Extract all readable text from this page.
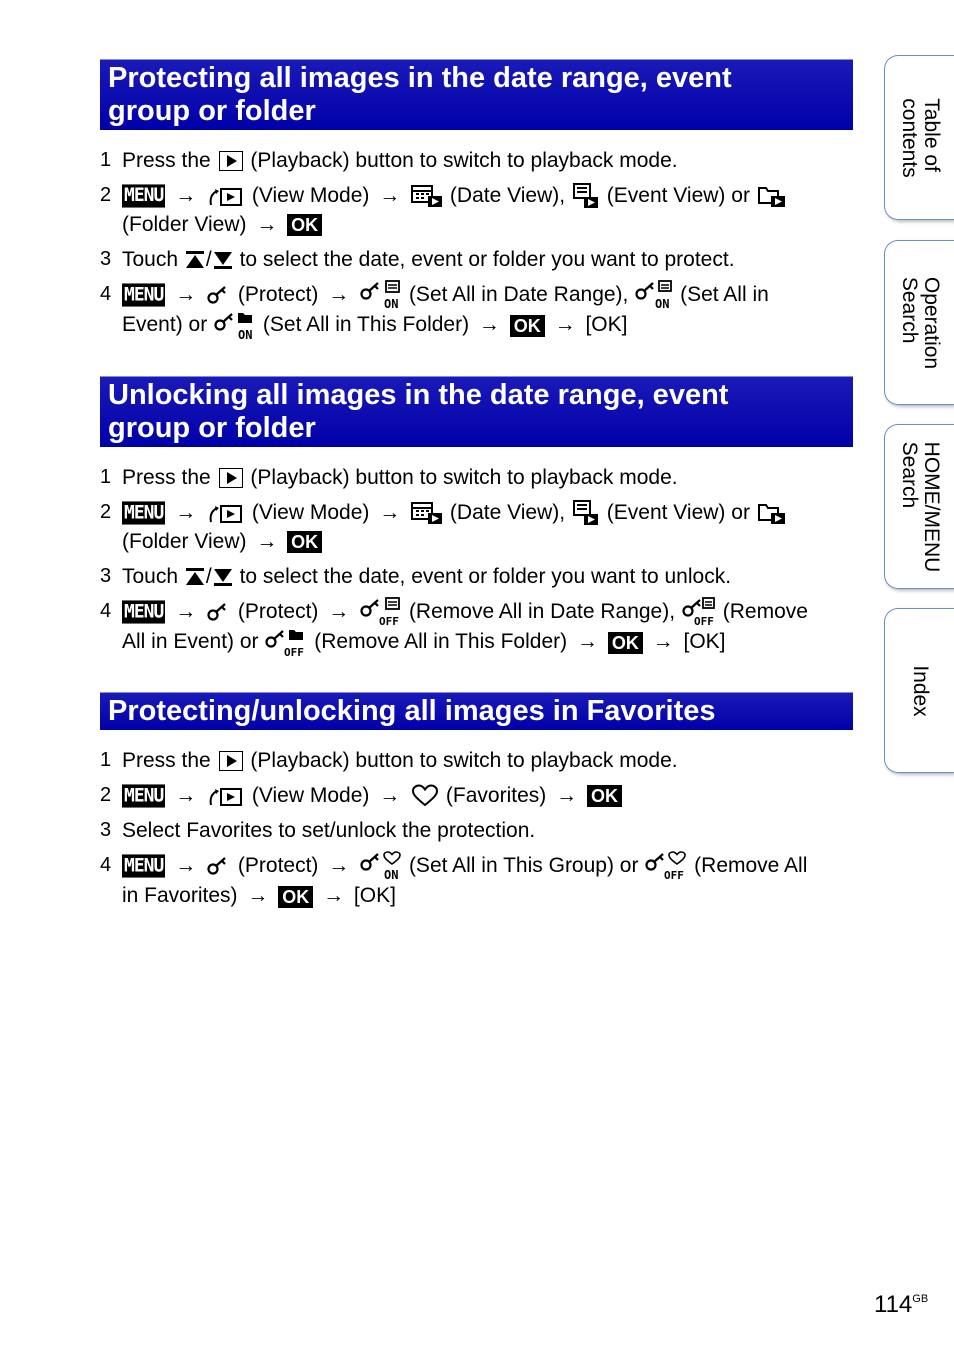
Protecting all images in the date range, event
group or folder
1 Press the (Playback) button to switch to playback mode.
2 MENU →	(View Mode) → (Date View), (Event View) or
(Folder View) → OK
3 Touch / to select the date, event or folder you want to protect.
4 MENU → (Protect) →	ON (Set All in Date Range), ON (Set All in
Event) or	ON (Set All in This Folder) → OK → [OK]
Unlocking all images in the date range, event
group or folder
1 Press the (Playback) button to switch to playback mode.
2 MENU →	(View Mode) → (Date View), (Event View) or
(Folder View) → OK
3 Touch / to select the date, event or folder you want to unlock.
4 MENU → (Protect) →	OFF (Remove All in Date Range), OFF (Remove
All in Event) or OFF (Remove All in This Folder) → OK → [OK]
Protecting/unlocking all images in Favorites
1 Press the (Playback) button to switch to playback mode.
2 MENU →	(View Mode) → (Favorites) → OK
3 Select Favorites to set/unlock the protection.
4 MENU → (Protect) →	ON (Set All in This Group) or OFF (Remove All
in Favorites) → OK → [OK]
Table of
contents
Operation
Search
HOME/MENU
Search
Index
$114^{GB}$
